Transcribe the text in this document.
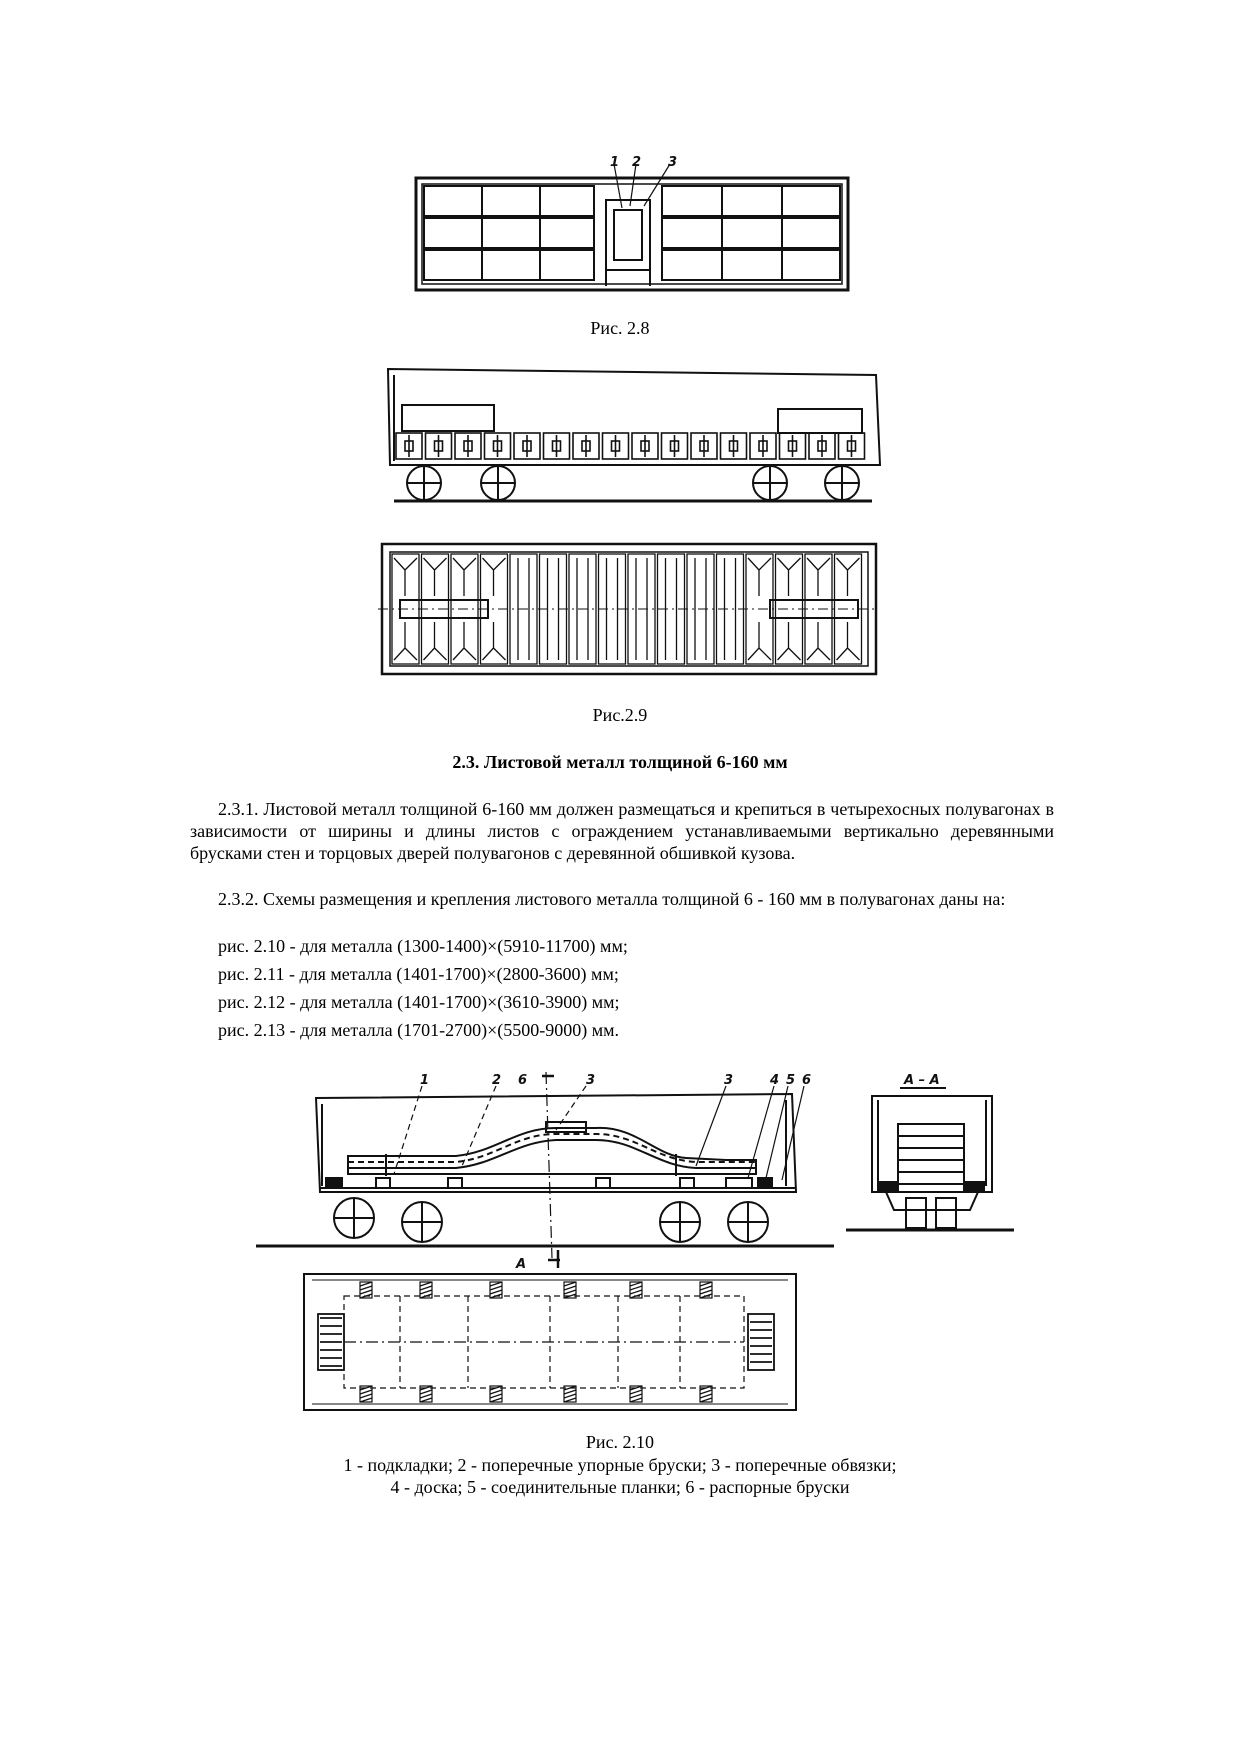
1 2 3
Рис. 2.8
Рис.2.9
2.3. Листовой металл толщиной 6-160 мм
2.3.1. Листовой металл толщиной 6-160 мм должен размещаться и крепиться в четырехосных полувагонах в зависимости от ширины и длины листов с ограждением устанавливаемыми вертикально деревянными брусками стен и торцовых дверей полувагонов с деревянной обшивкой кузова.
2.3.2. Схемы размещения и крепления листового металла толщиной 6 - 160 мм в полувагонах даны на:
рис. 2.10 - для металла (1300-1400)×(5910-11700) мм;
рис. 2.11 - для металла (1401-1700)×(2800-3600) мм;
рис. 2.12 - для металла (1401-1700)×(3610-3900) мм;
рис. 2.13 - для металла (1701-2700)×(5500-9000) мм.
1	2 6	3	3	4 5 6
А
А – А
Рис. 2.10
1 - подкладки; 2 - поперечные упорные бруски; 3 - поперечные обвязки;
4 - доска; 5 - соединительные планки; 6 - распорные бруски
